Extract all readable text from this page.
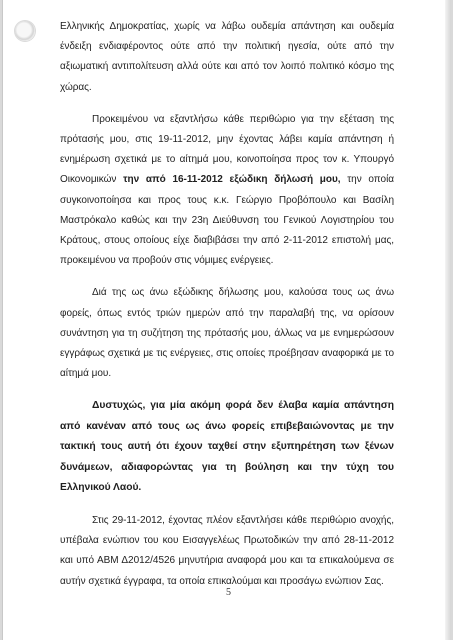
Ελληνικής Δημοκρατίας, χωρίς να λάβω ουδεμία απάντηση και ουδεμία ένδειξη ενδιαφέροντος ούτε από την πολιτική ηγεσία, ούτε από την αξιωματική αντιπολίτευση αλλά ούτε και από τον λοιπό πολιτικό κόσμο της χώρας.

Προκειμένου να εξαντλήσω κάθε περιθώριο για την εξέταση της πρότασής μου, στις 19-11-2012, μην έχοντας λάβει καμία απάντηση ή ενημέρωση σχετικά με το αίτημά μου, κοινοποίησα προς τον κ. Υπουργό Οικονομικών την από 16-11-2012 εξώδικη δήλωσή μου, την οποία συγκοινοποίησα και προς τους κ.κ. Γεώργιο Προβόπουλο και Βασίλη Μαστρόκαλο καθώς και την 23η Διεύθυνση του Γενικού Λογιστηρίου του Κράτους, στους οποίους είχε διαβιβάσει την από 2-11-2012 επιστολή μας, προκειμένου να προβούν στις νόμιμες ενέργειες.

Διά της ως άνω εξώδικης δήλωσης μου, καλούσα τους ως άνω φορείς, όπως εντός τριών ημερών από την παραλαβή της, να ορίσουν συνάντηση για τη συζήτηση της πρότασής μου, άλλως να με ενημερώσουν εγγράφως σχετικά με τις ενέργειες, στις οποίες προέβησαν αναφορικά με το αίτημά μου.

Δυστυχώς, για μία ακόμη φορά δεν έλαβα καμία απάντηση από κανέναν από τους ως άνω φορείς επιβεβαιώνοντας με την τακτική τους αυτή ότι έχουν ταχθεί στην εξυπηρέτηση των ξένων δυνάμεων, αδιαφορώντας για τη βούληση και την τύχη του Ελληνικού Λαού.

Στις 29-11-2012, έχοντας πλέον εξαντλήσει κάθε περιθώριο ανοχής, υπέβαλα ενώπιον του κου Εισαγγελέως Πρωτοδικών την από 28-11-2012 και υπό ΑΒΜ Δ2012/4526 μηνυτήρια αναφορά μου και τα επικαλούμενα σε αυτήν σχετικά έγγραφα, τα οποία επικαλούμαι και προσάγω ενώπιον Σας.

5
